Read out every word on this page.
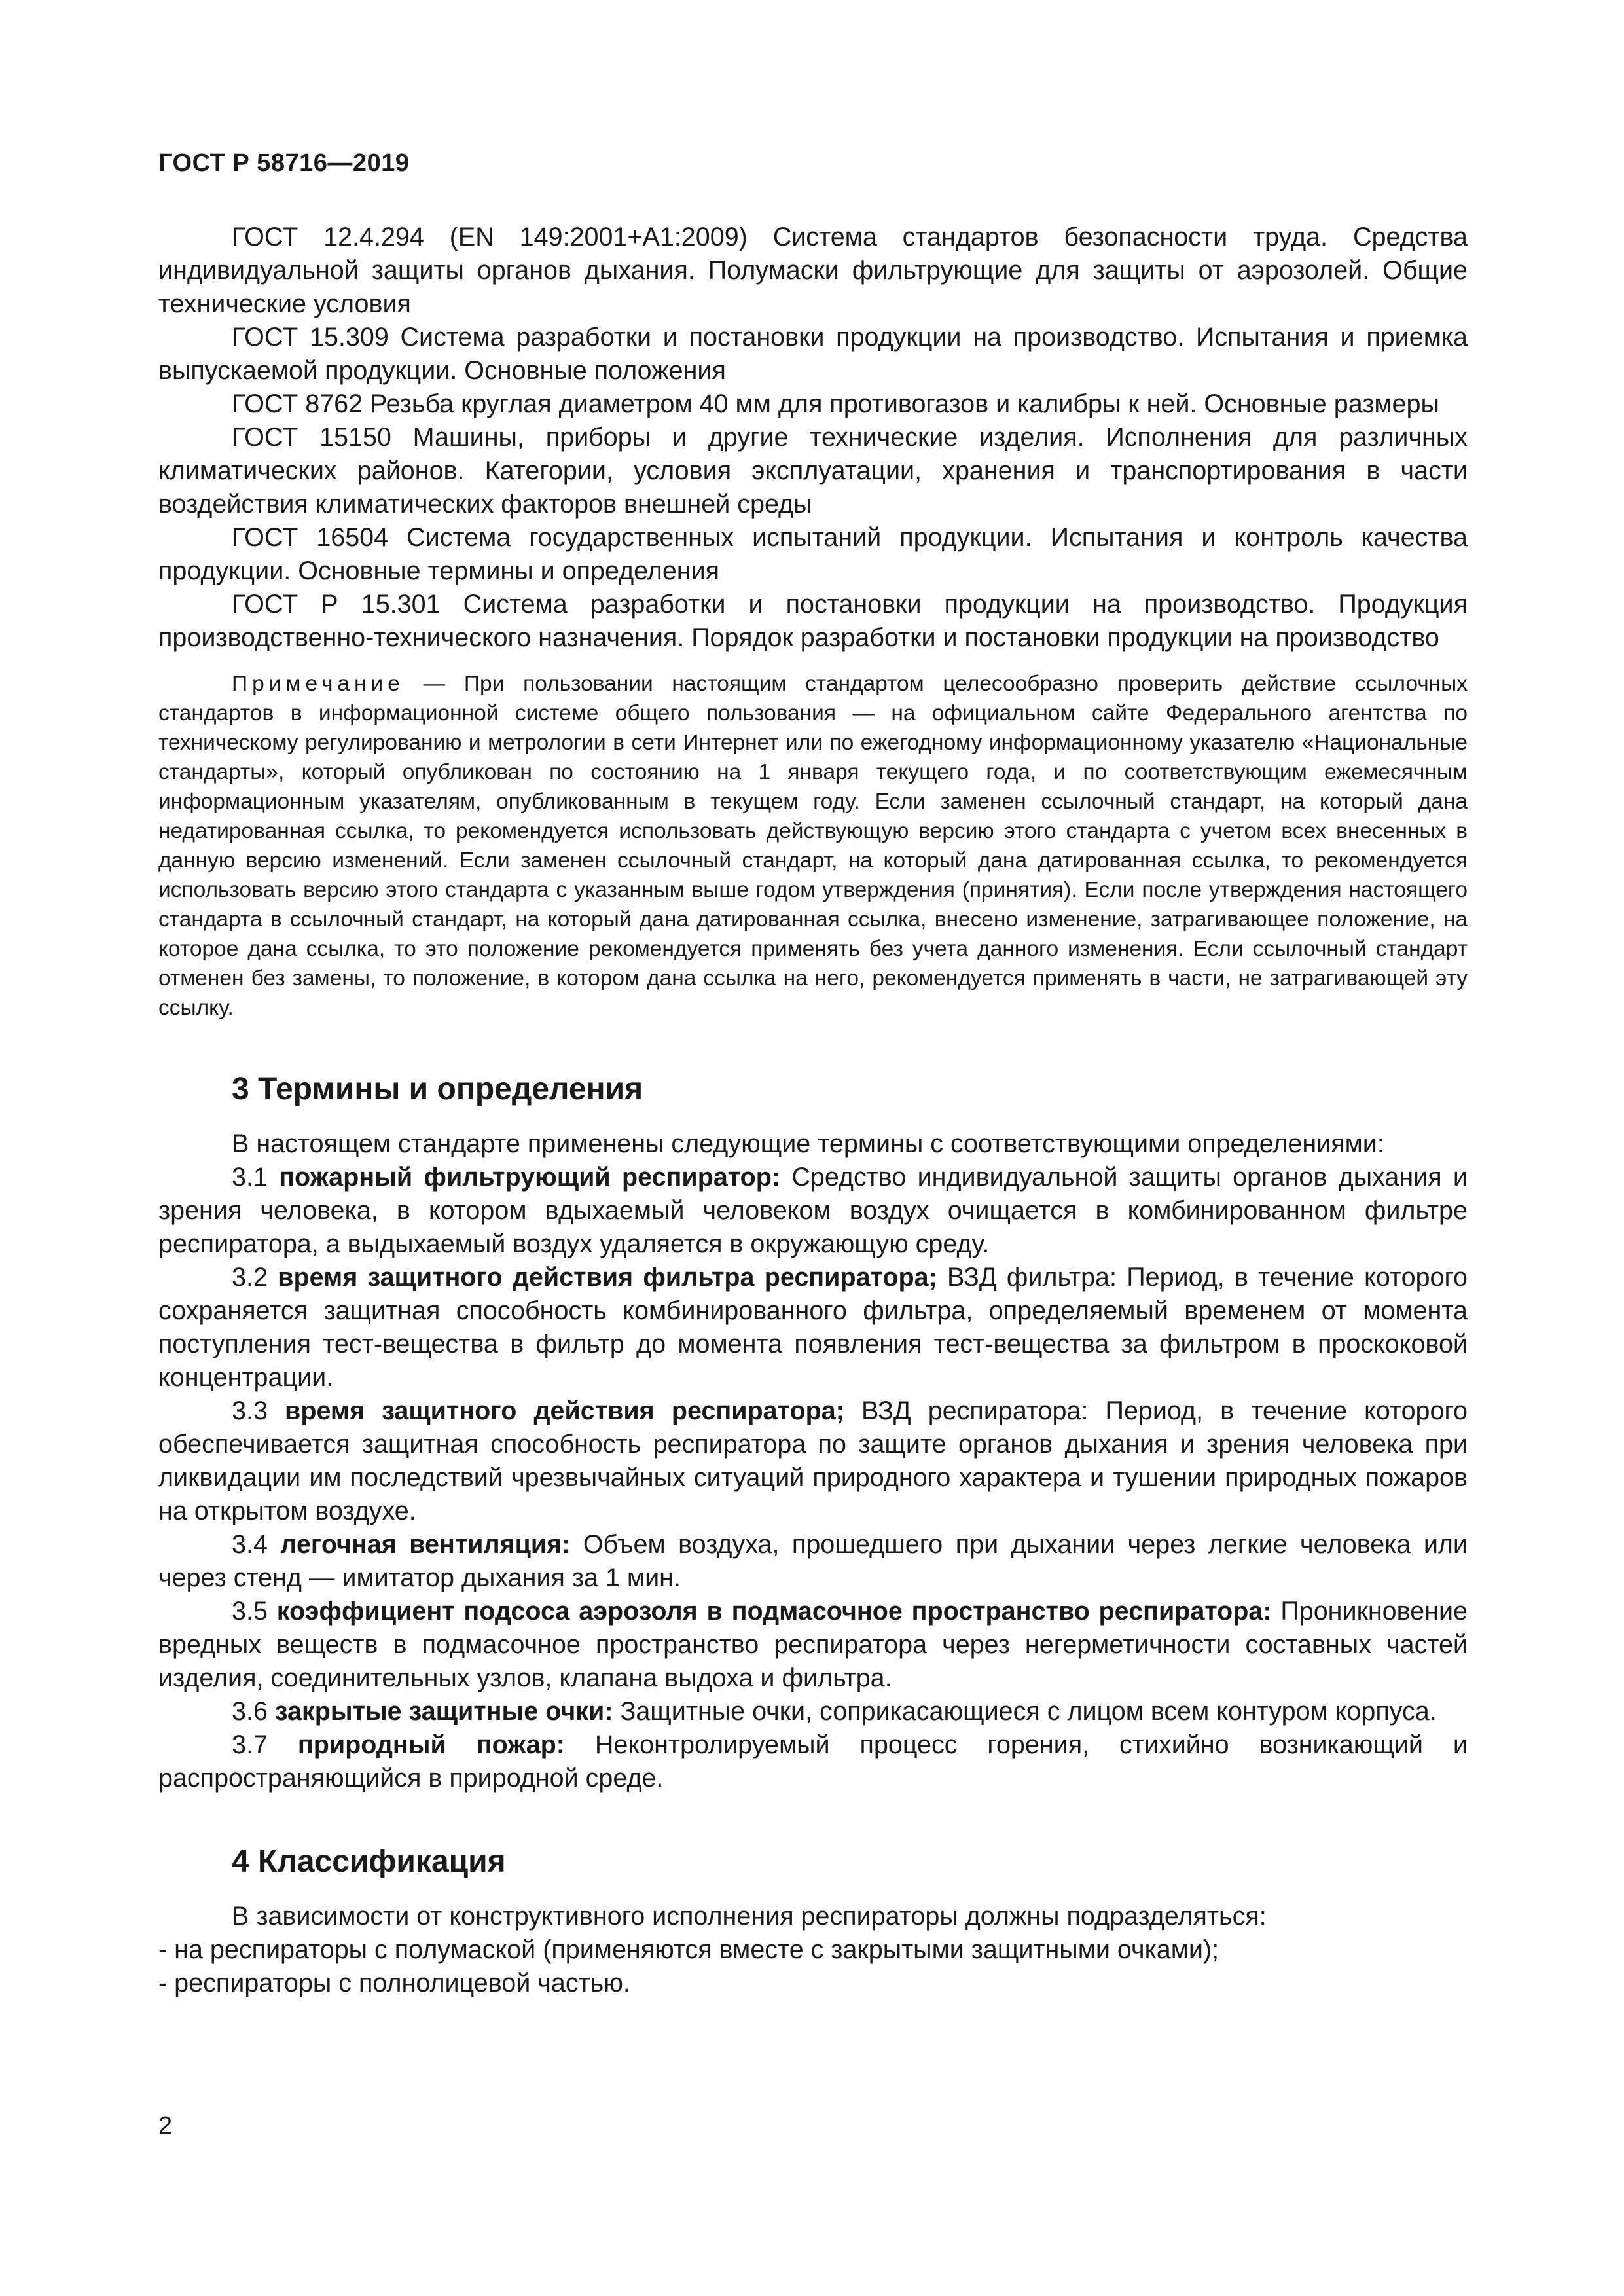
ГОСТ Р 58716—2019

ГОСТ 12.4.294 (EN 149:2001+A1:2009) Система стандартов безопасности труда. Средства индивидуальной защиты органов дыхания. Полумаски фильтрующие для защиты от аэрозолей. Общие технические условия

ГОСТ 15.309 Система разработки и постановки продукции на производство. Испытания и приемка выпускаемой продукции. Основные положения

ГОСТ 8762 Резьба круглая диаметром 40 мм для противогазов и калибры к ней. Основные размеры

ГОСТ 15150 Машины, приборы и другие технические изделия. Исполнения для различных климатических районов. Категории, условия эксплуатации, хранения и транспортирования в части воздействия климатических факторов внешней среды

ГОСТ 16504 Система государственных испытаний продукции. Испытания и контроль качества продукции. Основные термины и определения

ГОСТ Р 15.301 Система разработки и постановки продукции на производство. Продукция производственно-технического назначения. Порядок разработки и постановки продукции на производство

Примечание — При пользовании настоящим стандартом целесообразно проверить действие ссылочных стандартов в информационной системе общего пользования — на официальном сайте Федерального агентства по техническому регулированию и метрологии в сети Интернет или по ежегодному информационному указателю «Национальные стандарты», который опубликован по состоянию на 1 января текущего года, и по соответствующим ежемесячным информационным указателям, опубликованным в текущем году. Если заменен ссылочный стандарт, на который дана недатированная ссылка, то рекомендуется использовать действующую версию этого стандарта с учетом всех внесенных в данную версию изменений. Если заменен ссылочный стандарт, на который дана датированная ссылка, то рекомендуется использовать версию этого стандарта с указанным выше годом утверждения (принятия). Если после утверждения настоящего стандарта в ссылочный стандарт, на который дана датированная ссылка, внесено изменение, затрагивающее положение, на которое дана ссылка, то это положение рекомендуется применять без учета данного изменения. Если ссылочный стандарт отменен без замены, то положение, в котором дана ссылка на него, рекомендуется применять в части, не затрагивающей эту ссылку.

3 Термины и определения

В настоящем стандарте применены следующие термины с соответствующими определениями:

3.1 пожарный фильтрующий респиратор: Средство индивидуальной защиты органов дыхания и зрения человека, в котором вдыхаемый человеком воздух очищается в комбинированном фильтре респиратора, а выдыхаемый воздух удаляется в окружающую среду.

3.2 время защитного действия фильтра респиратора; ВЗД фильтра: Период, в течение которого сохраняется защитная способность комбинированного фильтра, определяемый временем от момента поступления тест-вещества в фильтр до момента появления тест-вещества за фильтром в проскоковой концентрации.

3.3 время защитного действия респиратора; ВЗД респиратора: Период, в течение которого обеспечивается защитная способность респиратора по защите органов дыхания и зрения человека при ликвидации им последствий чрезвычайных ситуаций природного характера и тушении природных пожаров на открытом воздухе.

3.4 легочная вентиляция: Объем воздуха, прошедшего при дыхании через легкие человека или через стенд — имитатор дыхания за 1 мин.

3.5 коэффициент подсоса аэрозоля в подмасочное пространство респиратора: Проникновение вредных веществ в подмасочное пространство респиратора через негерметичности составных частей изделия, соединительных узлов, клапана выдоха и фильтра.

3.6 закрытые защитные очки: Защитные очки, соприкасающиеся с лицом всем контуром корпуса.

3.7 природный пожар: Неконтролируемый процесс горения, стихийно возникающий и распространяющийся в природной среде.

4 Классификация

В зависимости от конструктивного исполнения респираторы должны подразделяться:

- на респираторы с полумаской (применяются вместе с закрытыми защитными очками);

- респираторы с полнолицевой частью.

2
